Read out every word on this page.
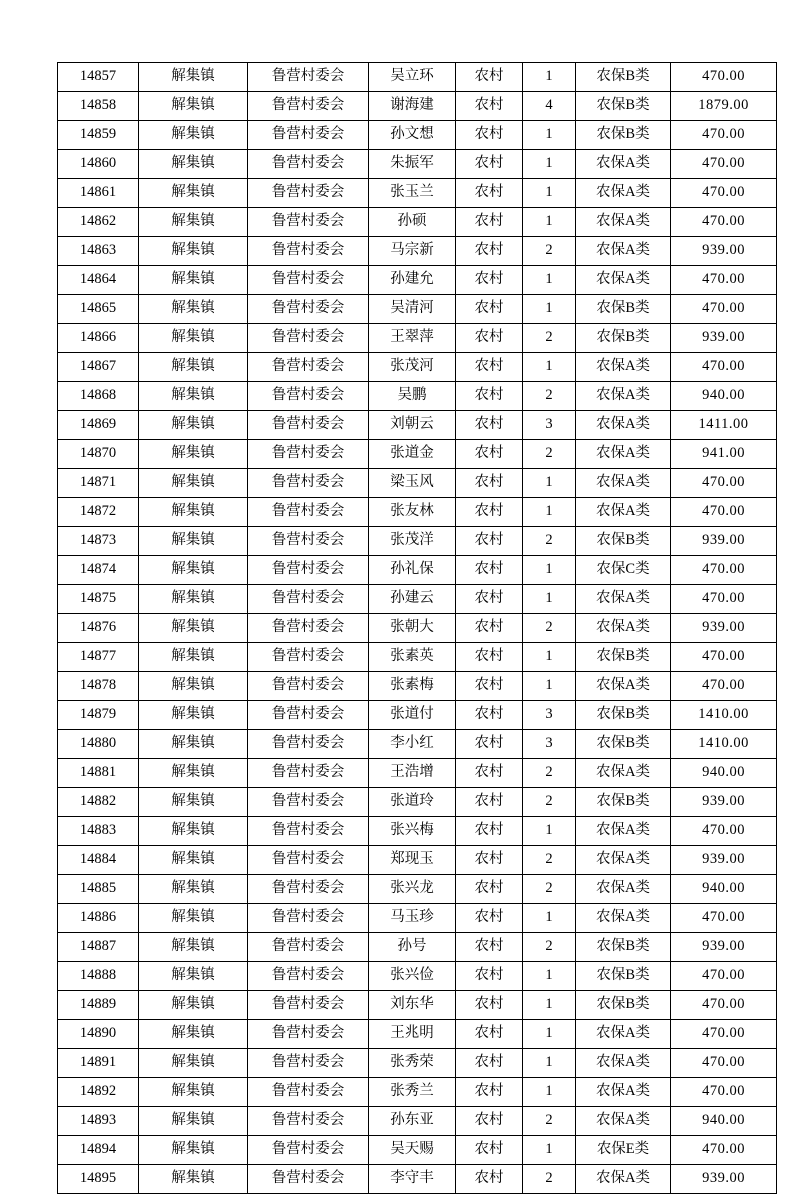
14857	解集镇	鲁营村委会	吴立环	农村	1	农保B类	470.00
14858	解集镇	鲁营村委会	谢海建	农村	4	农保B类	1879.00
14859	解集镇	鲁营村委会	孙文想	农村	1	农保B类	470.00
14860	解集镇	鲁营村委会	朱振军	农村	1	农保A类	470.00
14861	解集镇	鲁营村委会	张玉兰	农村	1	农保A类	470.00
14862	解集镇	鲁营村委会	孙硕	农村	1	农保A类	470.00
14863	解集镇	鲁营村委会	马宗新	农村	2	农保A类	939.00
14864	解集镇	鲁营村委会	孙建允	农村	1	农保A类	470.00
14865	解集镇	鲁营村委会	吴清河	农村	1	农保B类	470.00
14866	解集镇	鲁营村委会	王翠萍	农村	2	农保B类	939.00
14867	解集镇	鲁营村委会	张茂河	农村	1	农保A类	470.00
14868	解集镇	鲁营村委会	吴鹏	农村	2	农保A类	940.00
14869	解集镇	鲁营村委会	刘朝云	农村	3	农保A类	1411.00
14870	解集镇	鲁营村委会	张道金	农村	2	农保A类	941.00
14871	解集镇	鲁营村委会	梁玉风	农村	1	农保A类	470.00
14872	解集镇	鲁营村委会	张友林	农村	1	农保A类	470.00
14873	解集镇	鲁营村委会	张茂洋	农村	2	农保B类	939.00
14874	解集镇	鲁营村委会	孙礼保	农村	1	农保C类	470.00
14875	解集镇	鲁营村委会	孙建云	农村	1	农保A类	470.00
14876	解集镇	鲁营村委会	张朝大	农村	2	农保A类	939.00
14877	解集镇	鲁营村委会	张素英	农村	1	农保B类	470.00
14878	解集镇	鲁营村委会	张素梅	农村	1	农保A类	470.00
14879	解集镇	鲁营村委会	张道付	农村	3	农保B类	1410.00
14880	解集镇	鲁营村委会	李小红	农村	3	农保B类	1410.00
14881	解集镇	鲁营村委会	王浩增	农村	2	农保A类	940.00
14882	解集镇	鲁营村委会	张道玲	农村	2	农保B类	939.00
14883	解集镇	鲁营村委会	张兴梅	农村	1	农保A类	470.00
14884	解集镇	鲁营村委会	郑现玉	农村	2	农保A类	939.00
14885	解集镇	鲁营村委会	张兴龙	农村	2	农保A类	940.00
14886	解集镇	鲁营村委会	马玉珍	农村	1	农保A类	470.00
14887	解集镇	鲁营村委会	孙号	农村	2	农保B类	939.00
14888	解集镇	鲁营村委会	张兴俭	农村	1	农保B类	470.00
14889	解集镇	鲁营村委会	刘东华	农村	1	农保B类	470.00
14890	解集镇	鲁营村委会	王兆明	农村	1	农保A类	470.00
14891	解集镇	鲁营村委会	张秀荣	农村	1	农保A类	470.00
14892	解集镇	鲁营村委会	张秀兰	农村	1	农保A类	470.00
14893	解集镇	鲁营村委会	孙东亚	农村	2	农保A类	940.00
14894	解集镇	鲁营村委会	吴天赐	农村	1	农保E类	470.00
14895	解集镇	鲁营村委会	李守丰	农村	2	农保A类	939.00
